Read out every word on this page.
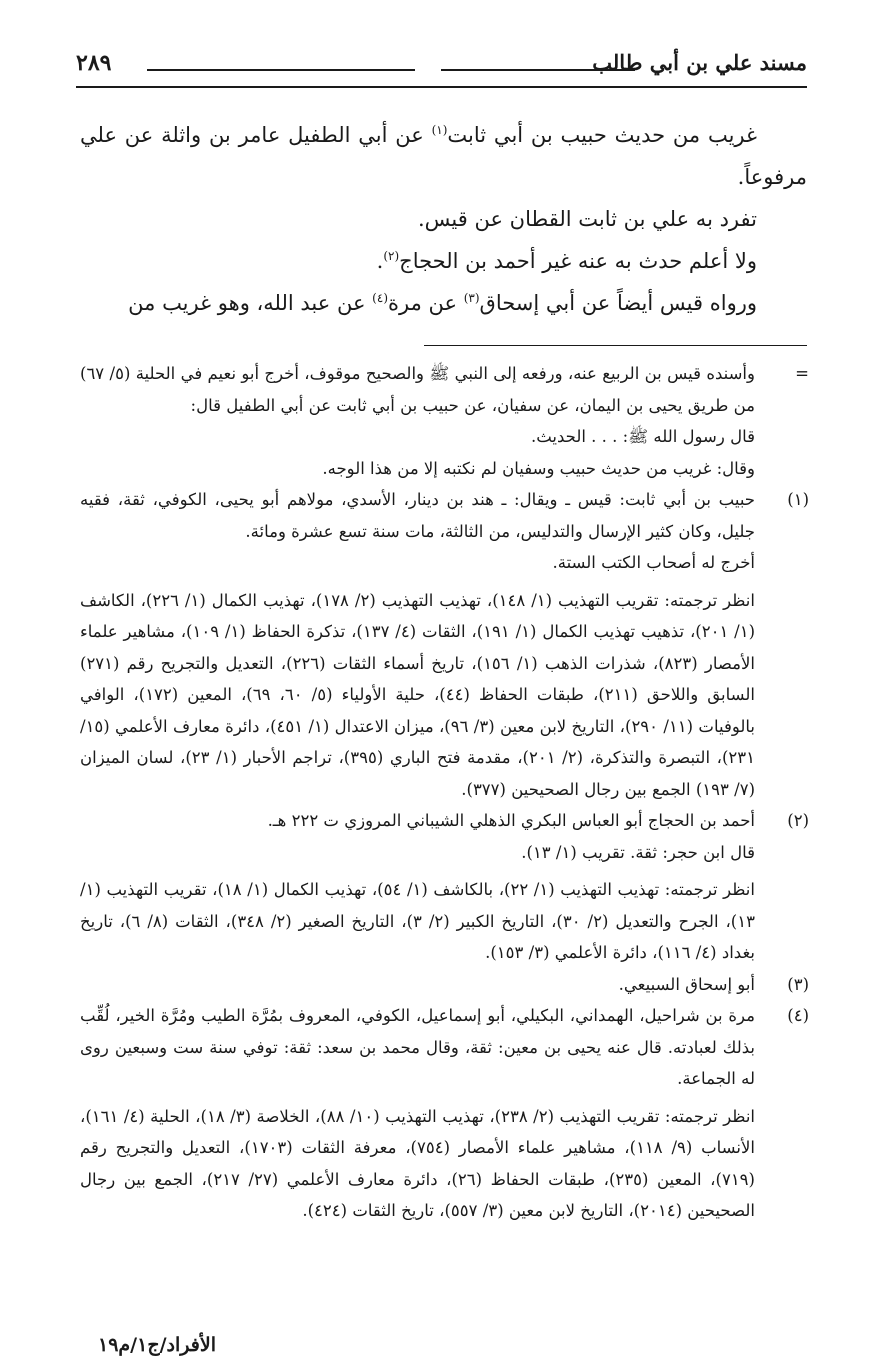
مسند علي بن أبي طالب
٢٨٩

غريب من حديث حبيب بن أبي ثابت$^{(١)}$ عن أبي الطفيل عامر بن واثلة عن علي مرفوعاً.

تفرد به علي بن ثابت القطان عن قيس.

ولا أعلم حدث به عنه غير أحمد بن الحجاج$^{(٢)}$.

ورواه قيس أيضاً عن أبي إسحاق$^{(٣)}$ عن مرة$^{(٤)}$ عن عبد الله، وهو غريب من

=

وأسنده قيس بن الربيع عنه، ورفعه إلى النبي ﷺ والصحيح موقوف، أخرج أبو نعيم في الحلية (٥/ ٦٧) من طريق يحيى بن اليمان، عن سفيان، عن حبيب بن أبي ثابت عن أبي الطفيل قال:

قال رسول الله ﷺ: . . . الحديث.

وقال: غريب من حديث حبيب وسفيان لم نكتبه إلا من هذا الوجه.

(١)

حبيب بن أبي ثابت: قيس ـ ويقال: ـ هند بن دينار، الأسدي، مولاهم أبو يحيى، الكوفي، ثقة، فقيه جليل، وكان كثير الإرسال والتدليس، من الثالثة، مات سنة تسع عشرة ومائة.

أخرج له أصحاب الكتب الستة.

انظر ترجمته: تقريب التهذيب (١/ ١٤٨)، تهذيب التهذيب (٢/ ١٧٨)، تهذيب الكمال (١/ ٢٢٦)، الكاشف (١/ ٢٠١)، تذهيب تهذيب الكمال (١/ ١٩١)، الثقات (٤/ ١٣٧)، تذكرة الحفاظ (١/ ١٠٩)، مشاهير علماء الأمصار (٨٢٣)، شذرات الذهب (١/ ١٥٦)، تاريخ أسماء الثقات (٢٢٦)، التعديل والتجريح رقم (٢٧١) السابق واللاحق (٢١١)، طبقات الحفاظ (٤٤)، حلية الأولياء (٥/ ٦٠، ٦٩)، المعين (١٧٢)، الوافي بالوفيات (١١/ ٢٩٠)، التاريخ لابن معين (٣/ ٩٦)، ميزان الاعتدال (١/ ٤٥١)، دائرة معارف الأعلمي (١٥/ ٢٣١)، التبصرة والتذكرة، (٢/ ٢٠١)، مقدمة فتح الباري (٣٩٥)، تراجم الأحبار (١/ ٢٣)، لسان الميزان (٧/ ١٩٣) الجمع بين رجال الصحيحين (٣٧٧).

(٢)

أحمد بن الحجاج أبو العباس البكري الذهلي الشيباني المروزي ت ٢٢٢ هـ.

قال ابن حجر: ثقة. تقريب (١/ ١٣).

انظر ترجمته: تهذيب التهذيب (١/ ٢٢)، بالكاشف (١/ ٥٤)، تهذيب الكمال (١/ ١٨)، تقريب التهذيب (١/ ١٣)، الجرح والتعديل (٢/ ٣٠)، التاريخ الكبير (٢/ ٣)، التاريخ الصغير (٢/ ٣٤٨)، الثقات (٨/ ٦)، تاريخ بغداد (٤/ ١١٦)، دائرة الأعلمي (٣/ ١٥٣).

(٣)

أبو إسحاق السبيعي.

(٤)

مرة بن شراحيل، الهمداني، البكيلي، أبو إسماعيل، الكوفي، المعروف بمُرَّة الطيب ومُرَّة الخير، لُقِّب بذلك لعبادته. قال عنه يحيى بن معين: ثقة، وقال محمد بن سعد: ثقة: توفي سنة ست وسبعين روى له الجماعة.

انظر ترجمته: تقريب التهذيب (٢/ ٢٣٨)، تهذيب التهذيب (١٠/ ٨٨)، الخلاصة (٣/ ١٨)، الحلية (٤/ ١٦١)، الأنساب (٩/ ١١٨)، مشاهير علماء الأمصار (٧٥٤)، معرفة الثقات (١٧٠٣)، التعديل والتجريح رقم (٧١٩)، المعين (٢٣٥)، طبقات الحفاظ (٢٦)، دائرة معارف الأعلمي (٢٧/ ٢١٧)، الجمع بين رجال الصحيحين (٢٠١٤)، التاريخ لابن معين (٣/ ٥٥٧)، تاريخ الثقات (٤٢٤).

الأفراد/ج١/م١٩
